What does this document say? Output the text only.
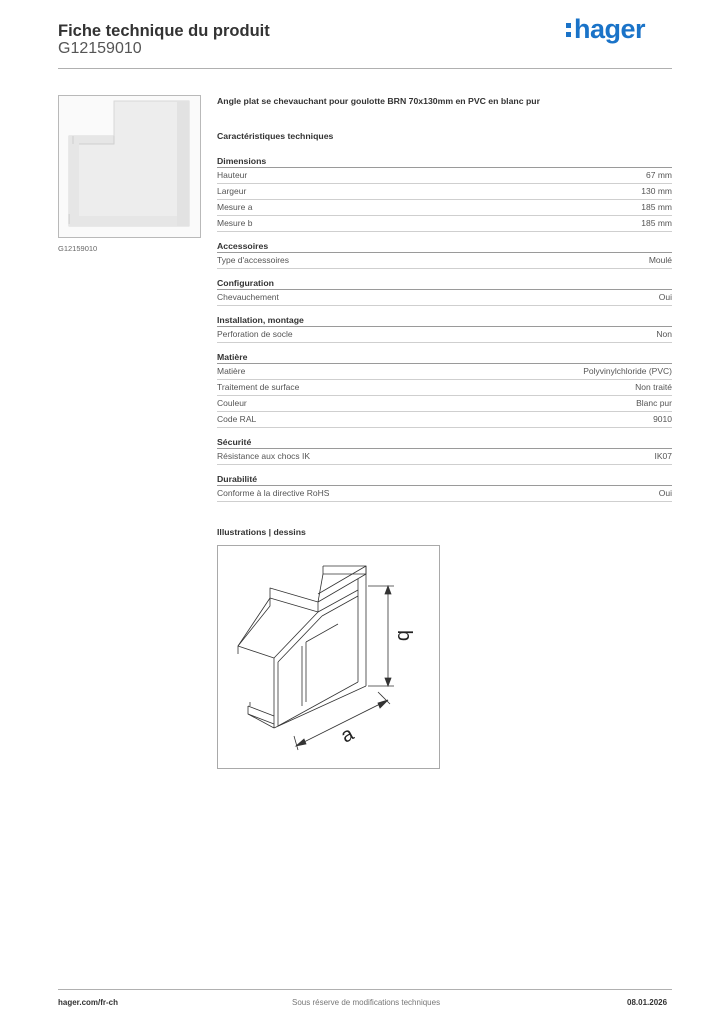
Fiche technique du produit
G12159010
hager
G12159010
Angle plat se chevauchant pour goulotte BRN 70x130mm en PVC en blanc pur
Caractéristiques techniques
Dimensions
Hauteur	67 mm
Largeur	130 mm
Mesure a	185 mm
Mesure b	185 mm
Accessoires
Type d'accessoires	Moulé
Configuration
Chevauchement	Oui
Installation, montage
Perforation de socle	Non
Matière
Matière	Polyvinylchloride (PVC)
Traitement de surface	Non traité
Couleur	Blanc pur
Code RAL	9010
Sécurité
Résistance aux chocs IK	IK07
Durabilité
Conforme à la directive RoHS	Oui
Illustrations | dessins
b
a
hager.com/fr-ch	Sous réserve de modifications techniques	08.01.2026
